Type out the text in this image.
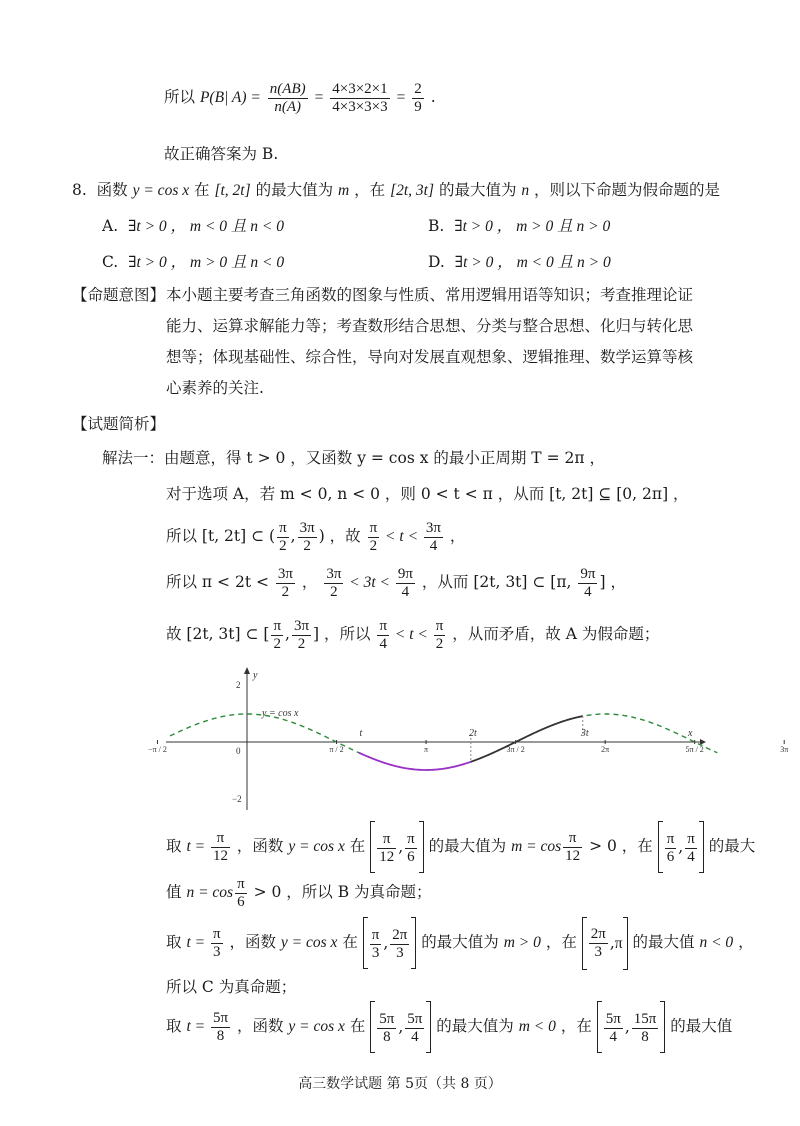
所以 P(B| $A) = \frac{n(AB)}{n(A)} = \frac{4\times 3\times 2\times 1}{4\times 3\times 3\times 3} = \frac{2}{9}$ .
故正确答案为 B.
8. 函数 y = cos x 在 [t, 2t] 的最大值为 m ，在 [2t, 3t] 的最大值为 n ，则以下命题为假命题的是
A. ∃t > 0 ， m < 0 且 n < 0	B. ∃t > 0 ， m > 0 且 n > 0
C. ∃t > 0 ， m > 0 且 n < 0	D. ∃t > 0 ， m < 0 且 n > 0
【命题意图】 本小题主要考查三角函数的图象与性质、常用逻辑用语等知识；考查推理论证
能力、运算求解能力等；考查数形结合思想、分类与整合思想、化归与转化思
想等；体现基础性、综合性，导向对发展直观想象、逻辑推理、数学运算等核
心素养的关注.
【试题简析】
解法一：由题意，得 t > 0 ，又函数 y = cos x 的最小正周期 T = 2π ，
对于选项 A，若 m < 0, n < 0 ，则 0 < t < π ，从而 [t, 2t] ⊆ [0, 2π] ，
所以 [t, 2t] ⊂ ( $\frac{\pi}{2}$ , $\frac{3\pi}{2}$ ) ，故 $\frac{\pi}{2} < t < \frac{3\pi}{4}$ ，
所以 $\pi < 2t < \frac{3\pi}{2}$ ， $\frac{3\pi}{2} < 3t < \frac{9\pi}{4}$ ，从而 [2t, 3t] ⊂ [π, $\frac{9\pi}{4}$ ] ，
故 [2t, 3t] ⊂ [ $\frac{\pi}{2}$ , $\frac{3\pi}{2}$ ] ，所以 $\frac{\pi}{4} < t < \frac{\pi}{2}$ ，从而矛盾，故 A 为假命题；
x
y
2
−2
0
y = cos x
−π / 2	π / 2	π	3π / 2	2π	5π / 2	3π
t	2t	3t
取 $t = \frac{\pi}{12}$ ，函数 y = cos x 在 $\frac{\pi}{12}$ , $\frac{\pi}{6}$ 的最大值为 $m = \cos \frac{\pi}{12} > 0$ ，在 $\frac{\pi}{6}$ , $\frac{\pi}{4}$ 的最大
值 $n = \cos \frac{\pi}{6} > 0$ ，所以 B 为真命题；
取 $t = \frac{\pi}{3}$ ，函数 y = cos x 在 $\frac{\pi}{3}$ , $\frac{2\pi}{3}$ 的最大值为 m > 0 ，在 $\frac{2\pi}{3} ,\pi$ 的最大值 n < 0 ，
所以 C 为真命题；
取 $t = \frac{5\pi}{8}$ ，函数 y = cos x 在 $\frac{5\pi}{8}$ , $\frac{5\pi}{4}$ 的最大值为 m < 0 ，在 $\frac{5\pi}{4}$ , $\frac{15\pi}{8}$ 的最大值
高三数学试题 第 5页（共 8 页）
